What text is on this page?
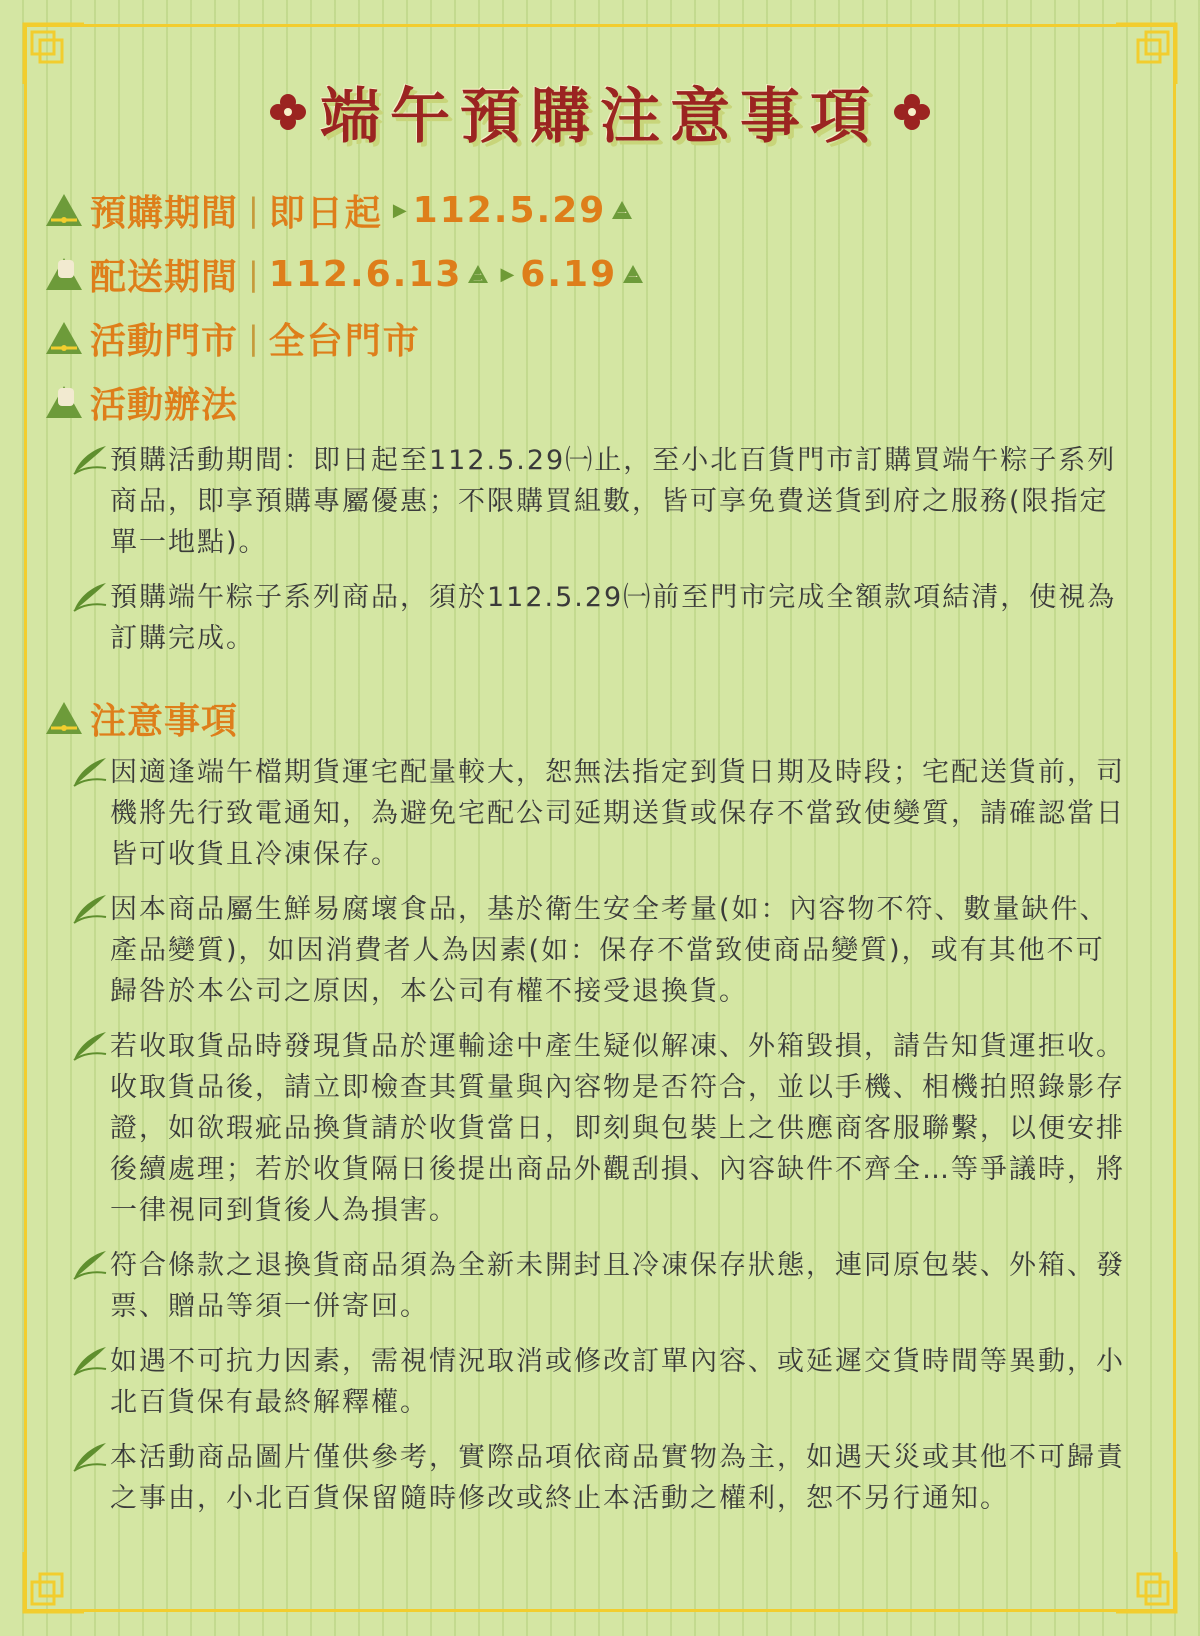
端午預購注意事項
預購期間 | 即日起 ▶ 112.5.29 一
配送期間 | 112.6.13 二 ▶ 6.19 一
活動門市 | 全台門市
活動辦法
預購活動期間：即日起至112.5.29㈠止，至小北百貨門市訂購買端午粽子系列商品，即享預購專屬優惠；不限購買組數，皆可享免費送貨到府之服務(限指定單一地點)。
預購端午粽子系列商品，須於112.5.29㈠前至門市完成全額款項結清，使視為訂購完成。
注意事項
因適逢端午檔期貨運宅配量較大，恕無法指定到貨日期及時段；宅配送貨前，司機將先行致電通知，為避免宅配公司延期送貨或保存不當致使變質，請確認當日皆可收貨且冷凍保存。
因本商品屬生鮮易腐壞食品，基於衛生安全考量(如：內容物不符、數量缺件、產品變質)，如因消費者人為因素(如：保存不當致使商品變質)，或有其他不可歸咎於本公司之原因，本公司有權不接受退換貨。
若收取貨品時發現貨品於運輸途中產生疑似解凍、外箱毀損，請告知貨運拒收。收取貨品後，請立即檢查其質量與內容物是否符合，並以手機、相機拍照錄影存證，如欲瑕疵品換貨請於收貨當日，即刻與包裝上之供應商客服聯繫，以便安排後續處理；若於收貨隔日後提出商品外觀刮損、內容缺件不齊全…等爭議時，將一律視同到貨後人為損害。
符合條款之退換貨商品須為全新未開封且冷凍保存狀態，連同原包裝、外箱、發票、贈品等須一併寄回。
如遇不可抗力因素，需視情況取消或修改訂單內容、或延遲交貨時間等異動，小北百貨保有最終解釋權。
本活動商品圖片僅供參考，實際品項依商品實物為主，如遇天災或其他不可歸責之事由，小北百貨保留隨時修改或終止本活動之權利，恕不另行通知。
